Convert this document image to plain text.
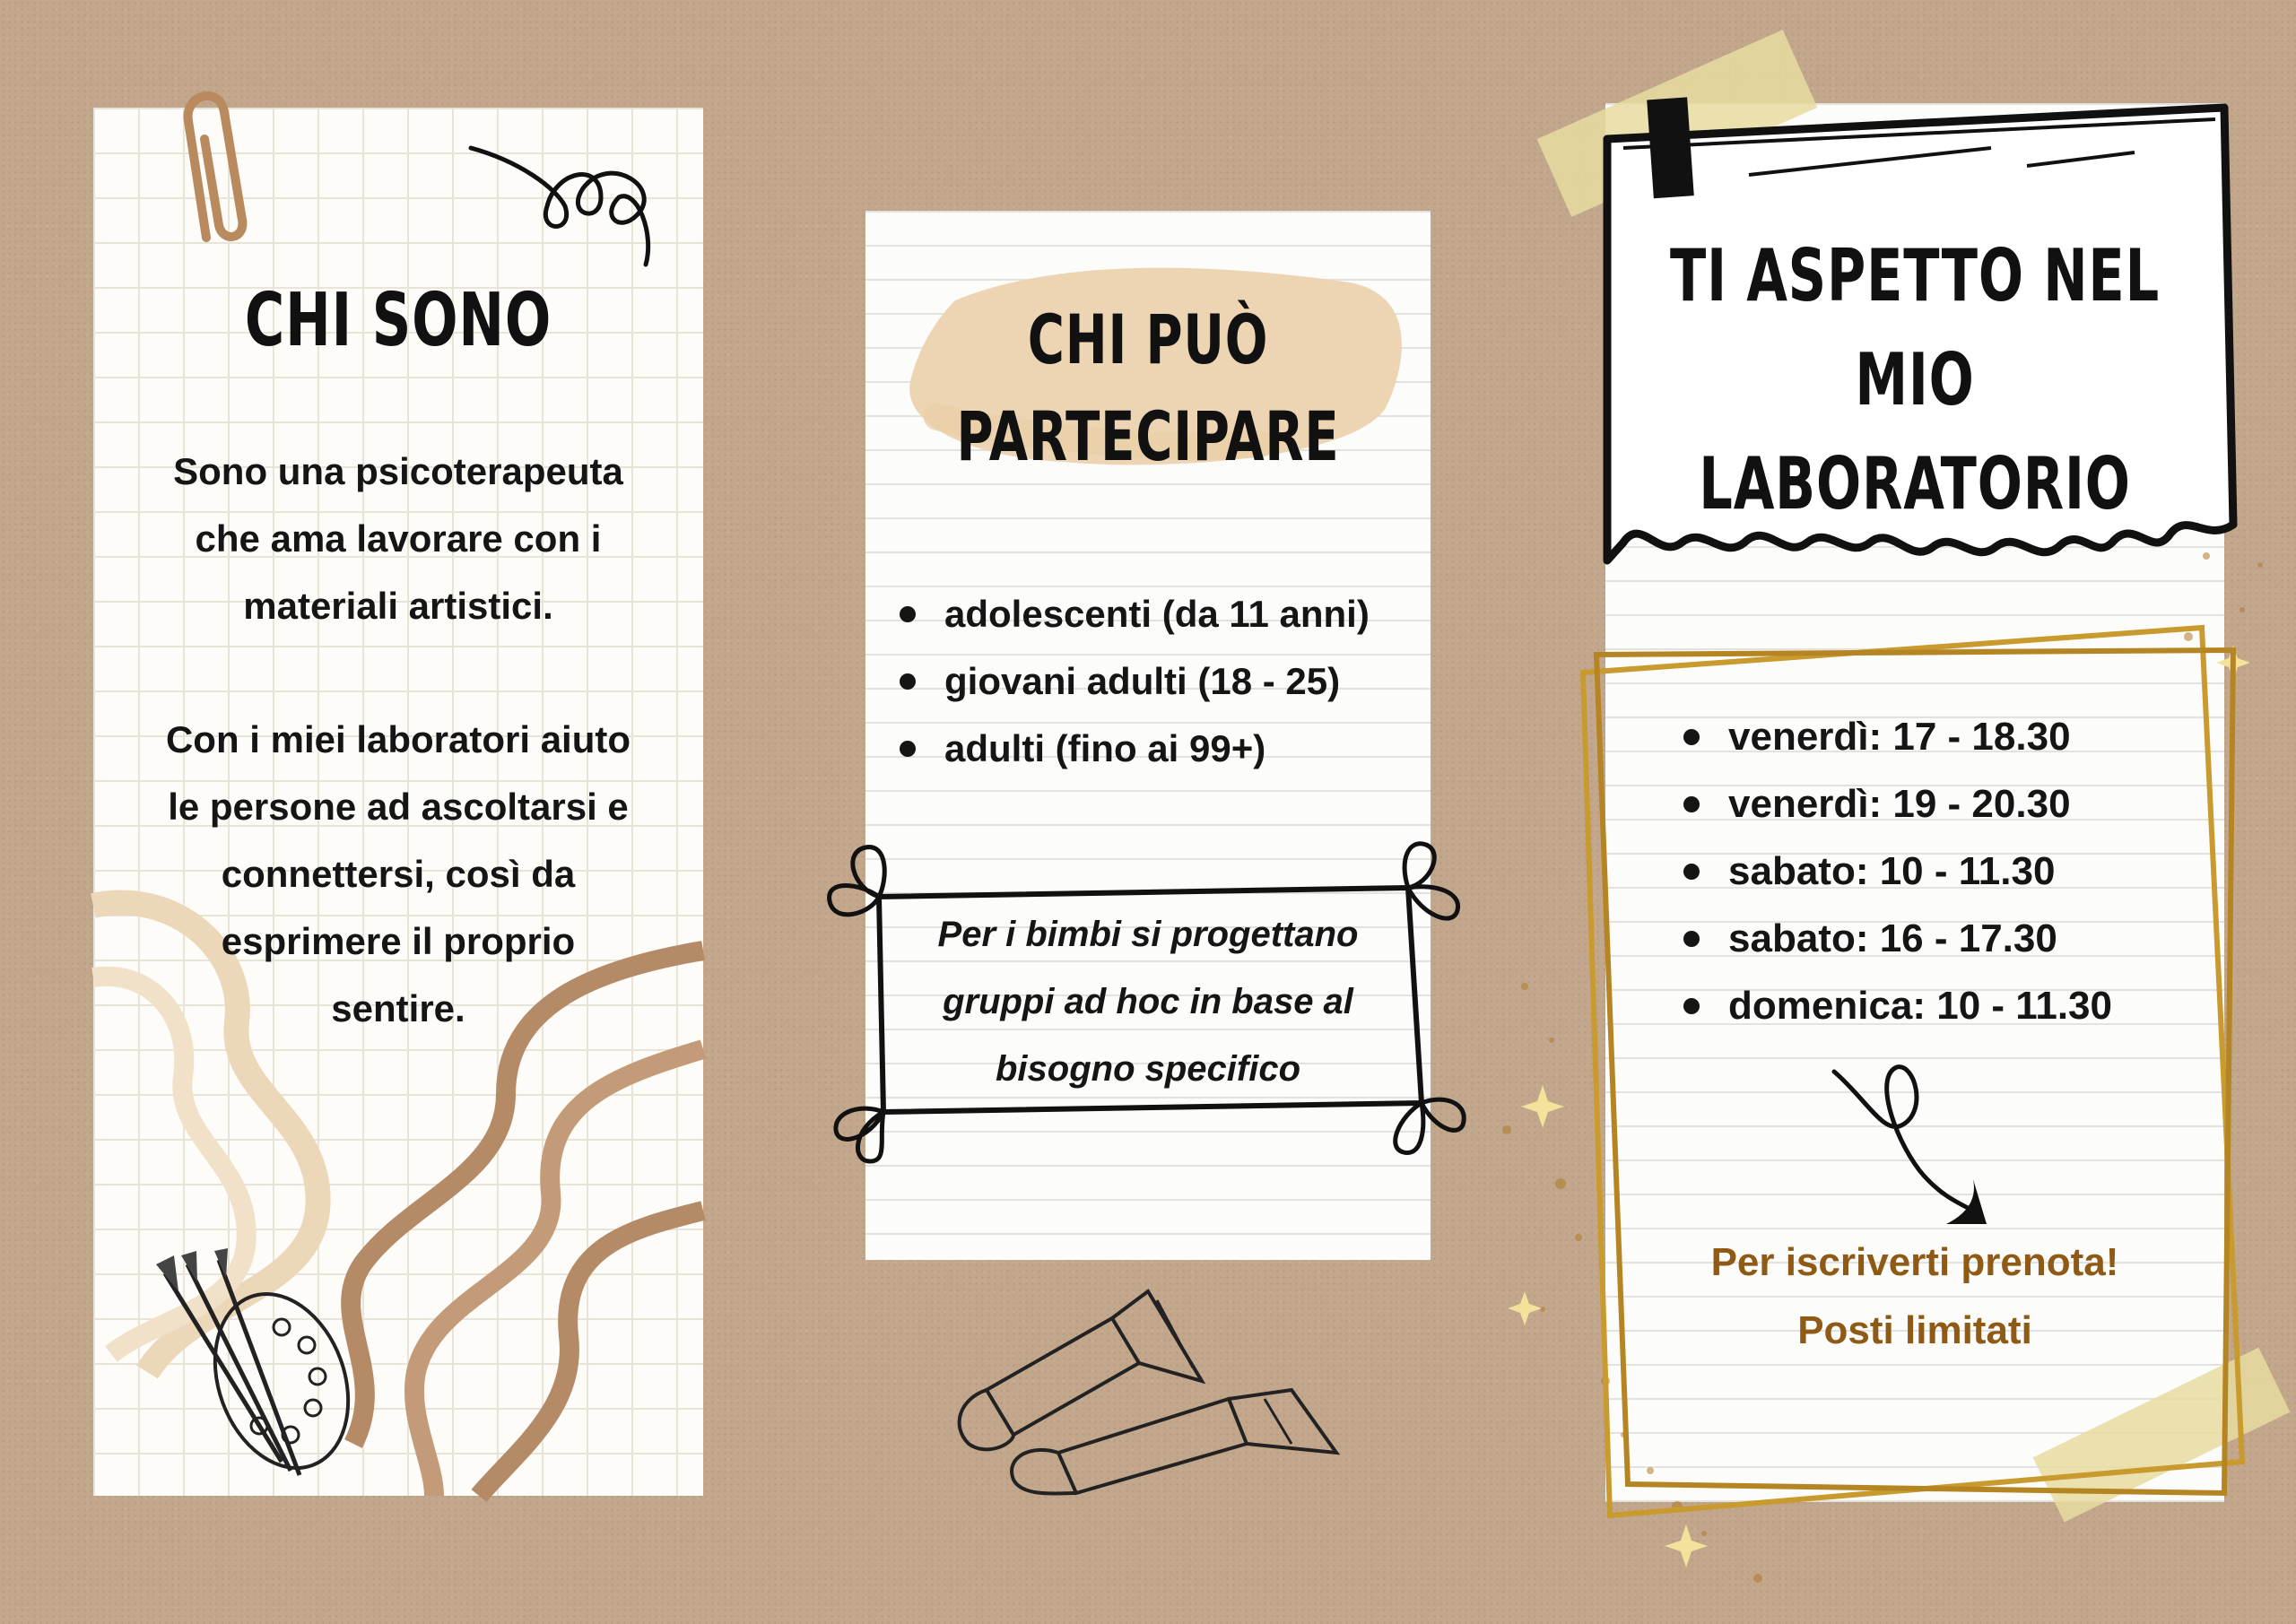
CHI SONO
Sono una psicoterapeuta
che ama lavorare con i
materiali artistici.
Con i miei laboratori aiuto
le persone ad ascoltarsi e
connettersi, così da
esprimere il proprio
sentire.
CHI PUÒ
PARTECIPARE
adolescenti (da 11 anni)
giovani adulti (18 - 25)
adulti (fino ai 99+)
Per i bimbi si progettano
gruppi ad hoc in base al
bisogno specifico
TI ASPETTO NEL MIO
LABORATORIO
venerdì: 17 - 18.30
venerdì: 19 - 20.30
sabato: 10 - 11.30
sabato: 16 - 17.30
domenica: 10 - 11.30
Per iscriverti prenota!
Posti limitati
